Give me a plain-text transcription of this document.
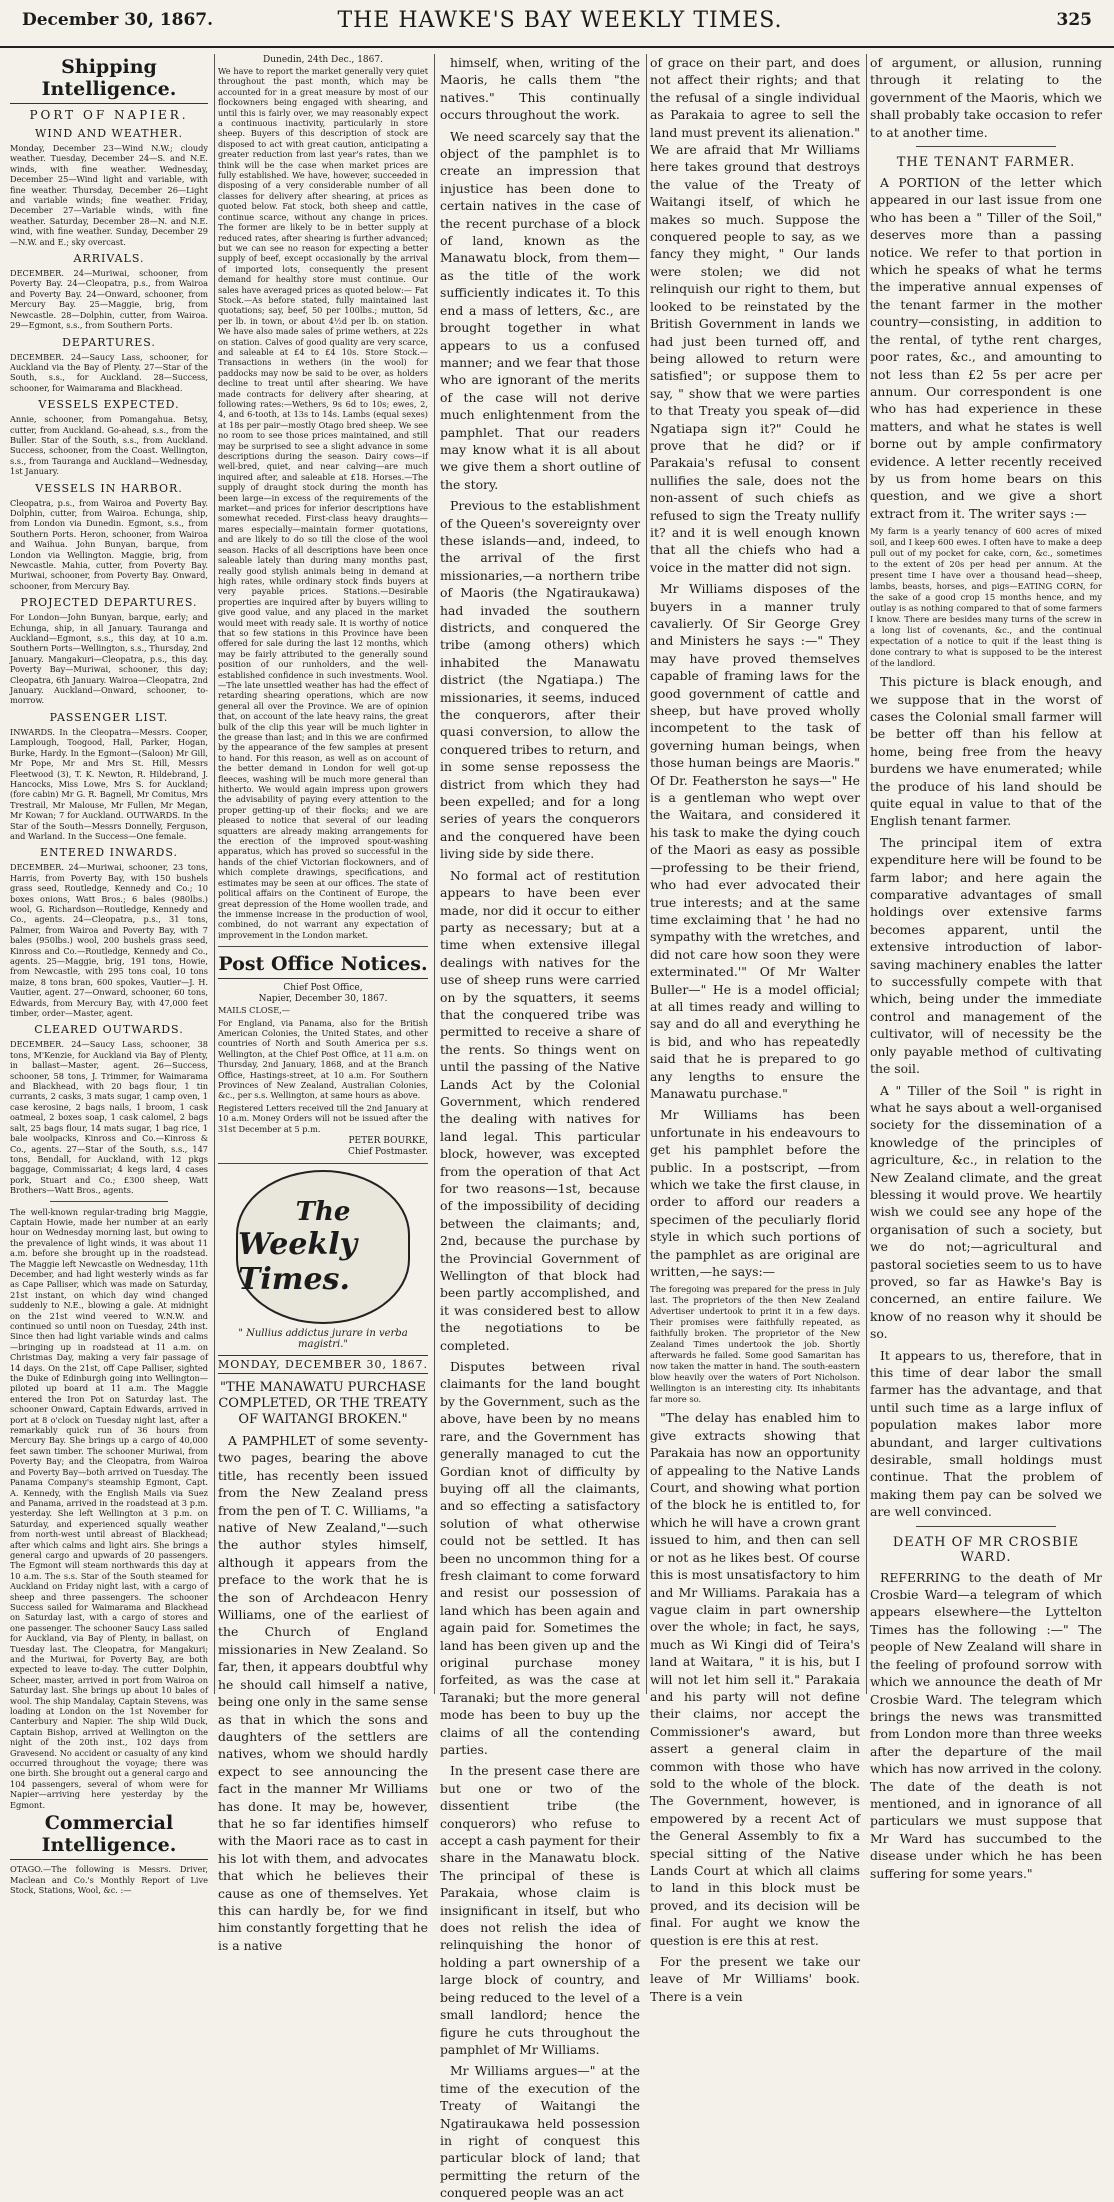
December 30, 1867.	THE HAWKE'S BAY WEEKLY TIMES.	325
Shipping Intelligence.
PORT OF NAPIER.
WIND AND WEATHER.

Monday, December 23—Wind N.W.; cloudy weather. Tuesday, December 24—S. and N.E. winds, with fine weather. Wednesday, December 25—Wind light and variable, with fine weather. Thursday, December 26—Light and variable winds; fine weather. Friday, December 27—Variable winds, with fine weather. Saturday, December 28—N. and N.E. wind, with fine weather. Sunday, December 29—N.W. and E.; sky overcast.

ARRIVALS.

DECEMBER. 24—Muriwai, schooner, from Poverty Bay. 24—Cleopatra, p.s., from Wairoa and Poverty Bay. 24—Onward, schooner, from Mercury Bay. 25—Maggie, brig, from Newcastle. 28—Dolphin, cutter, from Wairoa. 29—Egmont, s.s., from Southern Ports.

DEPARTURES.

DECEMBER. 24—Saucy Lass, schooner, for Auckland via the Bay of Plenty. 27—Star of the South, s.s., for Auckland. 28—Success, schooner, for Waimarama and Blackhead.

VESSELS EXPECTED.

Annie, schooner, from Pomangahua. Betsy, cutter, from Auckland. Go-ahead, s.s., from the Buller. Star of the South, s.s., from Auckland. Success, schooner, from the Coast. Wellington, s.s., from Tauranga and Auckland—Wednesday, 1st January.

VESSELS IN HARBOR.

Cleopatra, p.s., from Wairoa and Poverty Bay. Dolphin, cutter, from Wairoa. Echunga, ship, from London via Dunedin. Egmont, s.s., from Southern Ports. Heron, schooner, from Wairoa and Waihua. John Bunyan, barque, from London via Wellington. Maggie, brig, from Newcastle. Mahia, cutter, from Poverty Bay. Muriwai, schooner, from Poverty Bay. Onward, schooner, from Mercury Bay.

PROJECTED DEPARTURES.

For London—John Bunyan, barque, early; and Echunga, ship, in all January. Tauranga and Auckland—Egmont, s.s., this day, at 10 a.m. Southern Ports—Wellington, s.s., Thursday, 2nd January. Mangakuri—Cleopatra, p.s., this day. Poverty Bay—Muriwai, schooner, this day; Cleopatra, 6th January. Wairoa—Cleopatra, 2nd January. Auckland—Onward, schooner, to-morrow.

PASSENGER LIST.

INWARDS. In the Cleopatra—Messrs. Cooper, Lamplough, Toogood, Hall, Parker, Hogan, Burke, Hardy. In the Egmont—(Saloon) Mr Gill, Mr Pope, Mr and Mrs St. Hill, Messrs Fleetwood (3), T. K. Newton, R. Hildebrand, J. Hancocks, Miss Lowe, Mrs S. for Auckland; (fore cabin) Mr G. R. Bagnell, Mr Comitus, Mrs Trestrail, Mr Malouse, Mr Fullen, Mr Megan, Mr Kowan; 7 for Auckland. OUTWARDS. In the Star of the South—Messrs Donnelly, Ferguson, and Warland. In the Success—One female.

ENTERED INWARDS.

DECEMBER. 24—Muriwai, schooner, 23 tons, Harris, from Poverty Bay, with 150 bushels grass seed, Routledge, Kennedy and Co.; 10 boxes onions, Watt Bros.; 6 bales (980lbs.) wool, G. Richardson—Routledge, Kennedy and Co., agents. 24—Cleopatra, p.s., 31 tons, Palmer, from Wairoa and Poverty Bay, with 7 bales (950lbs.) wool, 200 bushels grass seed, Kinross and Co.—Routledge, Kennedy and Co., agents. 25—Maggie, brig, 191 tons, Howie, from Newcastle, with 295 tons coal, 10 tons maize, 8 tons bran, 600 spokes, Vautier—J. H. Vautier, agent. 27—Onward, schooner, 60 tons, Edwards, from Mercury Bay, with 47,000 feet timber, order—Master, agent.

CLEARED OUTWARDS.

DECEMBER. 24—Saucy Lass, schooner, 38 tons, M'Kenzie, for Auckland via Bay of Plenty, in ballast—Master, agent. 26—Success, schooner, 58 tons, J. Trimmer, for Waimarama and Blackhead, with 20 bags flour, 1 tin currants, 2 casks, 3 mats sugar, 1 camp oven, 1 case kerosine, 2 bags nails, 1 broom, 1 cask oatmeal, 2 boxes soap, 1 cask calomel, 2 bags salt, 25 bags flour, 14 mats sugar, 1 bag rice, 1 bale woolpacks, Kinross and Co.—Kinross & Co., agents. 27—Star of the South, s.s., 147 tons, Bendall, for Auckland, with 12 pkgs baggage, Commissariat; 4 kegs lard, 4 cases pork, Stuart and Co.; £300 sheep, Watt Brothers—Watt Bros., agents.

The well-known regular-trading brig Maggie, Captain Howie, made her number at an early hour on Wednesday morning last, but owing to the prevalence of light winds, it was about 11 a.m. before she brought up in the roadstead. The Maggie left Newcastle on Wednesday, 11th December, and had light westerly winds as far as Cape Palliser, which was made on Saturday, 21st instant, on which day wind changed suddenly to N.E., blowing a gale. At midnight on the 21st wind veered to W.N.W. and continued so until noon on Tuesday, 24th inst. Since then had light variable winds and calms—bringing up in roadstead at 11 a.m. on Christmas Day, making a very fair passage of 14 days. On the 21st, off Cape Palliser, sighted the Duke of Edinburgh going into Wellington—piloted up board at 11 a.m. The Maggie entered the Iron Pot on Saturday last. The schooner Onward, Captain Edwards, arrived in port at 8 o'clock on Tuesday night last, after a remarkably quick run of 36 hours from Mercury Bay. She brings up a cargo of 40,000 feet sawn timber. The schooner Muriwai, from Poverty Bay; and the Cleopatra, from Wairoa and Poverty Bay—both arrived on Tuesday. The Panama Company's steamship Egmont, Capt. A. Kennedy, with the English Mails via Suez and Panama, arrived in the roadstead at 3 p.m. yesterday. She left Wellington at 3 p.m. on Saturday, and experienced squally weather from north-west until abreast of Blackhead; after which calms and light airs. She brings a general cargo and upwards of 20 passengers. The Egmont will steam northwards this day at 10 a.m. The s.s. Star of the South steamed for Auckland on Friday night last, with a cargo of sheep and three passengers. The schooner Success sailed for Waimarama and Blackhead on Saturday last, with a cargo of stores and one passenger. The schooner Saucy Lass sailed for Auckland, via Bay of Plenty, in ballast, on Tuesday last. The Cleopatra, for Mangakuri; and the Muriwai, for Poverty Bay, are both expected to leave to-day. The cutter Dolphin, Scheer, master, arrived in port from Wairoa on Saturday last. She brings up about 10 bales of wool. The ship Mandalay, Captain Stevens, was loading at London on the 1st November for Canterbury and Napier. The ship Wild Duck, Captain Bishop, arrived at Wellington on the night of the 20th inst., 102 days from Gravesend. No accident or casualty of any kind occurred throughout the voyage; there was one birth. She brought out a general cargo and 104 passengers, several of whom were for Napier—arriving here yesterday by the Egmont.

Commercial Intelligence.

OTAGO.—The following is Messrs. Driver, Maclean and Co.'s Monthly Report of Live Stock, Stations, Wool, &c. :—

Dunedin, 24th Dec., 1867.

We have to report the market generally very quiet throughout the past month, which may be accounted for in a great measure by most of our flockowners being engaged with shearing, and until this is fairly over, we may reasonably expect a continuous inactivity, particularly in store sheep. Buyers of this description of stock are disposed to act with great caution, anticipating a greater reduction from last year's rates, than we think will be the case when market prices are fully established. We have, however, succeeded in disposing of a very considerable number of all classes for delivery after shearing, at prices as quoted below. Fat stock, both sheep and cattle, continue scarce, without any change in prices. The former are likely to be in better supply at reduced rates, after shearing is further advanced; but we can see no reason for expecting a better supply of beef, except occasionally by the arrival of imported lots, consequently the present demand for healthy store must continue. Our sales have averaged prices as quoted below:— Fat Stock.—As before stated, fully maintained last quotations; say, beef, 50 per 100lbs.; mutton, 5d per lb. in town, or about 4½d per lb. on station. We have also made sales of prime wethers, at 22s on station. Calves of good quality are very scarce, and saleable at £4 to £4 10s. Store Stock.—Transactions in wethers (in the wool) for paddocks may now be said to be over, as holders decline to treat until after shearing. We have made contracts for delivery after shearing, at following rates:—Wethers, 9s 6d to 10s; ewes, 2, 4, and 6-tooth, at 13s to 14s. Lambs (equal sexes) at 18s per pair—mostly Otago bred sheep. We see no room to see those prices maintained, and still may be surprised to see a slight advance in some descriptions during the season. Dairy cows—if well-bred, quiet, and near calving—are much inquired after, and saleable at £18. Horses.—The supply of draught stock during the month has been large—in excess of the requirements of the market—and prices for inferior descriptions have somewhat receded. First-class heavy draughts—mares especially—maintain former quotations, and are likely to do so till the close of the wool season. Hacks of all descriptions have been once saleable lately than during many months past, really good stylish animals being in demand at high rates, while ordinary stock finds buyers at very payable prices. Stations.—Desirable properties are inquired after by buyers willing to give good value, and any placed in the market would meet with ready sale. It is worthy of notice that so few stations in this Province have been offered for sale during the last 12 months, which may be fairly attributed to the generally sound position of our runholders, and the well-established confidence in such investments. Wool.—The late unsettled weather has had the effect of retarding shearing operations, which are now general all over the Province. We are of opinion that, on account of the late heavy rains, the great bulk of the clip this year will be much lighter in the grease than last; and in this we are confirmed by the appearance of the few samples at present to hand. For this reason, as well as on account of the better demand in London for well got-up fleeces, washing will be much more general than hitherto. We would again impress upon growers the advisability of paying every attention to the proper getting-up of their flocks; and we are pleased to notice that several of our leading squatters are already making arrangements for the erection of the improved spout-washing apparatus, which has proved so successful in the hands of the chief Victorian flockowners, and of which complete drawings, specifications, and estimates may be seen at our offices. The state of political affairs on the Continent of Europe, the great depression of the Home woollen trade, and the immense increase in the production of wool, combined, do not warrant any expectation of improvement in the London market.

Post Office Notices.
Chief Post Office,
Napier, December 30, 1867.

MAILS CLOSE,—

For England, via Panama, also for the British American Colonies, the United States, and other countries of North and South America per s.s. Wellington, at the Chief Post Office, at 11 a.m. on Thursday, 2nd January, 1868, and at the Branch Office, Hastings-street, at 10 a.m. For Southern Provinces of New Zealand, Australian Colonies, &c., per s.s. Wellington, at same hours as above.

Registered Letters received till the 2nd January at 10 a.m. Money Orders will not be issued after the 31st December at 5 p.m.

PETER BOURKE,
Chief Postmaster.
The
Weekly Times.
" Nullius addictus jurare in verba magistri."
MONDAY, DECEMBER 30, 1867.
"THE MANAWATU PURCHASE COMPLETED, OR THE TREATY OF WAITANGI BROKEN."

A PAMPHLET of some seventy-two pages, bearing the above title, has recently been issued from the New Zealand press from the pen of T. C. Williams, "a native of New Zealand,"—such the author styles himself, although it appears from the preface to the work that he is the son of Archdeacon Henry Williams, one of the earliest of the Church of England missionaries in New Zealand. So far, then, it appears doubtful why he should call himself a native, being one only in the same sense as that in which the sons and daughters of the settlers are natives, whom we should hardly expect to see announcing the fact in the manner Mr Williams has done. It may be, however, that he so far identifies himself with the Maori race as to cast in his lot with them, and advocates that which he believes their cause as one of themselves. Yet this can hardly be, for we find him constantly forgetting that he is a native

himself, when, writing of the Maoris, he calls them "the natives." This continually occurs throughout the work.

We need scarcely say that the object of the pamphlet is to create an impression that injustice has been done to certain natives in the case of the recent purchase of a block of land, known as the Manawatu block, from them—as the title of the work sufficiently indicates it. To this end a mass of letters, &c., are brought together in what appears to us a confused manner; and we fear that those who are ignorant of the merits of the case will not derive much enlightenment from the pamphlet. That our readers may know what it is all about we give them a short outline of the story.

Previous to the establishment of the Queen's sovereignty over these islands—and, indeed, to the arrival of the first missionaries,—a northern tribe of Maoris (the Ngatiraukawa) had invaded the southern districts, and conquered the tribe (among others) which inhabited the Manawatu district (the Ngatiapa.) The missionaries, it seems, induced the conquerors, after their quasi conversion, to allow the conquered tribes to return, and in some sense repossess the district from which they had been expelled; and for a long series of years the conquerors and the conquered have been living side by side there.

No formal act of restitution appears to have been ever made, nor did it occur to either party as necessary; but at a time when extensive illegal dealings with natives for the use of sheep runs were carried on by the squatters, it seems that the conquered tribe was permitted to receive a share of the rents. So things went on until the passing of the Native Lands Act by the Colonial Government, which rendered the dealing with natives for land legal. This particular block, however, was excepted from the operation of that Act for two reasons—1st, because of the impossibility of deciding between the claimants; and, 2nd, because the purchase by the Provincial Government of Wellington of that block had been partly accomplished, and it was considered best to allow the negotiations to be completed.

Disputes between rival claimants for the land bought by the Government, such as the above, have been by no means rare, and the Government has generally managed to cut the Gordian knot of difficulty by buying off all the claimants, and so effecting a satisfactory solution of what otherwise could not be settled. It has been no uncommon thing for a fresh claimant to come forward and resist our possession of land which has been again and again paid for. Sometimes the land has been given up and the original purchase money forfeited, as was the case at Taranaki; but the more general mode has been to buy up the claims of all the contending parties.

In the present case there are but one or two of the dissentient tribe (the conquerors) who refuse to accept a cash payment for their share in the Manawatu block. The principal of these is Parakaia, whose claim is insignificant in itself, but who does not relish the idea of relinquishing the honor of holding a part ownership of a large block of country, and being reduced to the level of a small landlord; hence the figure he cuts throughout the pamphlet of Mr Williams.

Mr Williams argues—" at the time of the execution of the Treaty of Waitangi the Ngatiraukawa held possession in right of conquest this particular block of land; that permitting the return of the conquered people was an act

of grace on their part, and does not affect their rights; and that the refusal of a single individual as Parakaia to agree to sell the land must prevent its alienation." We are afraid that Mr Williams here takes ground that destroys the value of the Treaty of Waitangi itself, of which he makes so much. Suppose the conquered people to say, as we fancy they might, " Our lands were stolen; we did not relinquish our right to them, but looked to be reinstated by the British Government in lands we had just been turned off, and being allowed to return were satisfied"; or suppose them to say, " show that we were parties to that Treaty you speak of—did Ngatiapa sign it?" Could he prove that he did? or if Parakaia's refusal to consent nullifies the sale, does not the non-assent of such chiefs as refused to sign the Treaty nullify it? and it is well enough known that all the chiefs who had a voice in the matter did not sign.

Mr Williams disposes of the buyers in a manner truly cavalierly. Of Sir George Grey and Ministers he says :—" They may have proved themselves capable of framing laws for the good government of cattle and sheep, but have proved wholly incompetent to the task of governing human beings, when those human beings are Maoris." Of Dr. Featherston he says—" He is a gentleman who wept over the Waitara, and considered it his task to make the dying couch of the Maori as easy as possible—professing to be their friend, who had ever advocated their true interests; and at the same time exclaiming that ' he had no sympathy with the wretches, and did not care how soon they were exterminated.'" Of Mr Walter Buller—" He is a model official; at all times ready and willing to say and do all and everything he is bid, and who has repeatedly said that he is prepared to go any lengths to ensure the Manawatu purchase."

Mr Williams has been unfortunate in his endeavours to get his pamphlet before the public. In a postscript, —from which we take the first clause, in order to afford our readers a specimen of the peculiarly florid style in which such portions of the pamphlet as are original are written,—he says:—

The foregoing was prepared for the press in July last. The proprietors of the then New Zealand Advertiser undertook to print it in a few days. Their promises were faithfully repeated, as faithfully broken. The proprietor of the New Zealand Times undertook the job. Shortly afterwards he failed. Some good Samaritan has now taken the matter in hand. The south-eastern blow heavily over the waters of Port Nicholson. Wellington is an interesting city. Its inhabitants far more so.

"The delay has enabled him to give extracts showing that Parakaia has now an opportunity of appealing to the Native Lands Court, and showing what portion of the block he is entitled to, for which he will have a crown grant issued to him, and then can sell or not as he likes best. Of course this is most unsatisfactory to him and Mr Williams. Parakaia has a vague claim in part ownership over the whole; in fact, he says, much as Wi Kingi did of Teira's land at Waitara, " it is his, but I will not let him sell it." Parakaia and his party will not define their claims, nor accept the Commissioner's award, but assert a general claim in common with those who have sold to the whole of the block. The Government, however, is empowered by a recent Act of the General Assembly to fix a special sitting of the Native Lands Court at which all claims to land in this block must be proved, and its decision will be final. For aught we know the question is ere this at rest.

For the present we take our leave of Mr Williams' book. There is a vein

of argument, or allusion, running through it relating to the government of the Maoris, which we shall probably take occasion to refer to at another time.

THE TENANT FARMER.

A PORTION of the letter which appeared in our last issue from one who has been a " Tiller of the Soil," deserves more than a passing notice. We refer to that portion in which he speaks of what he terms the imperative annual expenses of the tenant farmer in the mother country—consisting, in addition to the rental, of tythe rent charges, poor rates, &c., and amounting to not less than £2 5s per acre per annum. Our correspondent is one who has had experience in these matters, and what he states is well borne out by ample confirmatory evidence. A letter recently received by us from home bears on this question, and we give a short extract from it. The writer says :—

My farm is a yearly tenancy of 600 acres of mixed soil, and I keep 600 ewes. I often have to make a deep pull out of my pocket for cake, corn, &c., sometimes to the extent of 20s per head per annum. At the present time I have over a thousand head—sheep, lambs, beasts, horses, and pigs—EATING CORN, for the sake of a good crop 15 months hence, and my outlay is as nothing compared to that of some farmers I know. There are besides many turns of the screw in a long list of covenants, &c., and the continual expectation of a notice to quit if the least thing is done contrary to what is supposed to be the interest of the landlord.

This picture is black enough, and we suppose that in the worst of cases the Colonial small farmer will be better off than his fellow at home, being free from the heavy burdens we have enumerated; while the produce of his land should be quite equal in value to that of the English tenant farmer.

The principal item of extra expenditure here will be found to be farm labor; and here again the comparative advantages of small holdings over extensive farms becomes apparent, until the extensive introduction of labor-saving machinery enables the latter to successfully compete with that which, being under the immediate control and management of the cultivator, will of necessity be the only payable method of cultivating the soil.

A " Tiller of the Soil " is right in what he says about a well-organised society for the dissemination of a knowledge of the principles of agriculture, &c., in relation to the New Zealand climate, and the great blessing it would prove. We heartily wish we could see any hope of the organisation of such a society, but we do not;—agricultural and pastoral societies seem to us to have proved, so far as Hawke's Bay is concerned, an entire failure. We know of no reason why it should be so.

It appears to us, therefore, that in this time of dear labor the small farmer has the advantage, and that until such time as a large influx of population makes labor more abundant, and larger cultivations desirable, small holdings must continue. That the problem of making them pay can be solved we are well convinced.

DEATH OF MR CROSBIE WARD.

REFERRING to the death of Mr Crosbie Ward—a telegram of which appears elsewhere—the Lyttelton Times has the following :—" The people of New Zealand will share in the feeling of profound sorrow with which we announce the death of Mr Crosbie Ward. The telegram which brings the news was transmitted from London more than three weeks after the departure of the mail which has now arrived in the colony. The date of the death is not mentioned, and in ignorance of all particulars we must suppose that Mr Ward has succumbed to the disease under which he has been suffering for some years."
